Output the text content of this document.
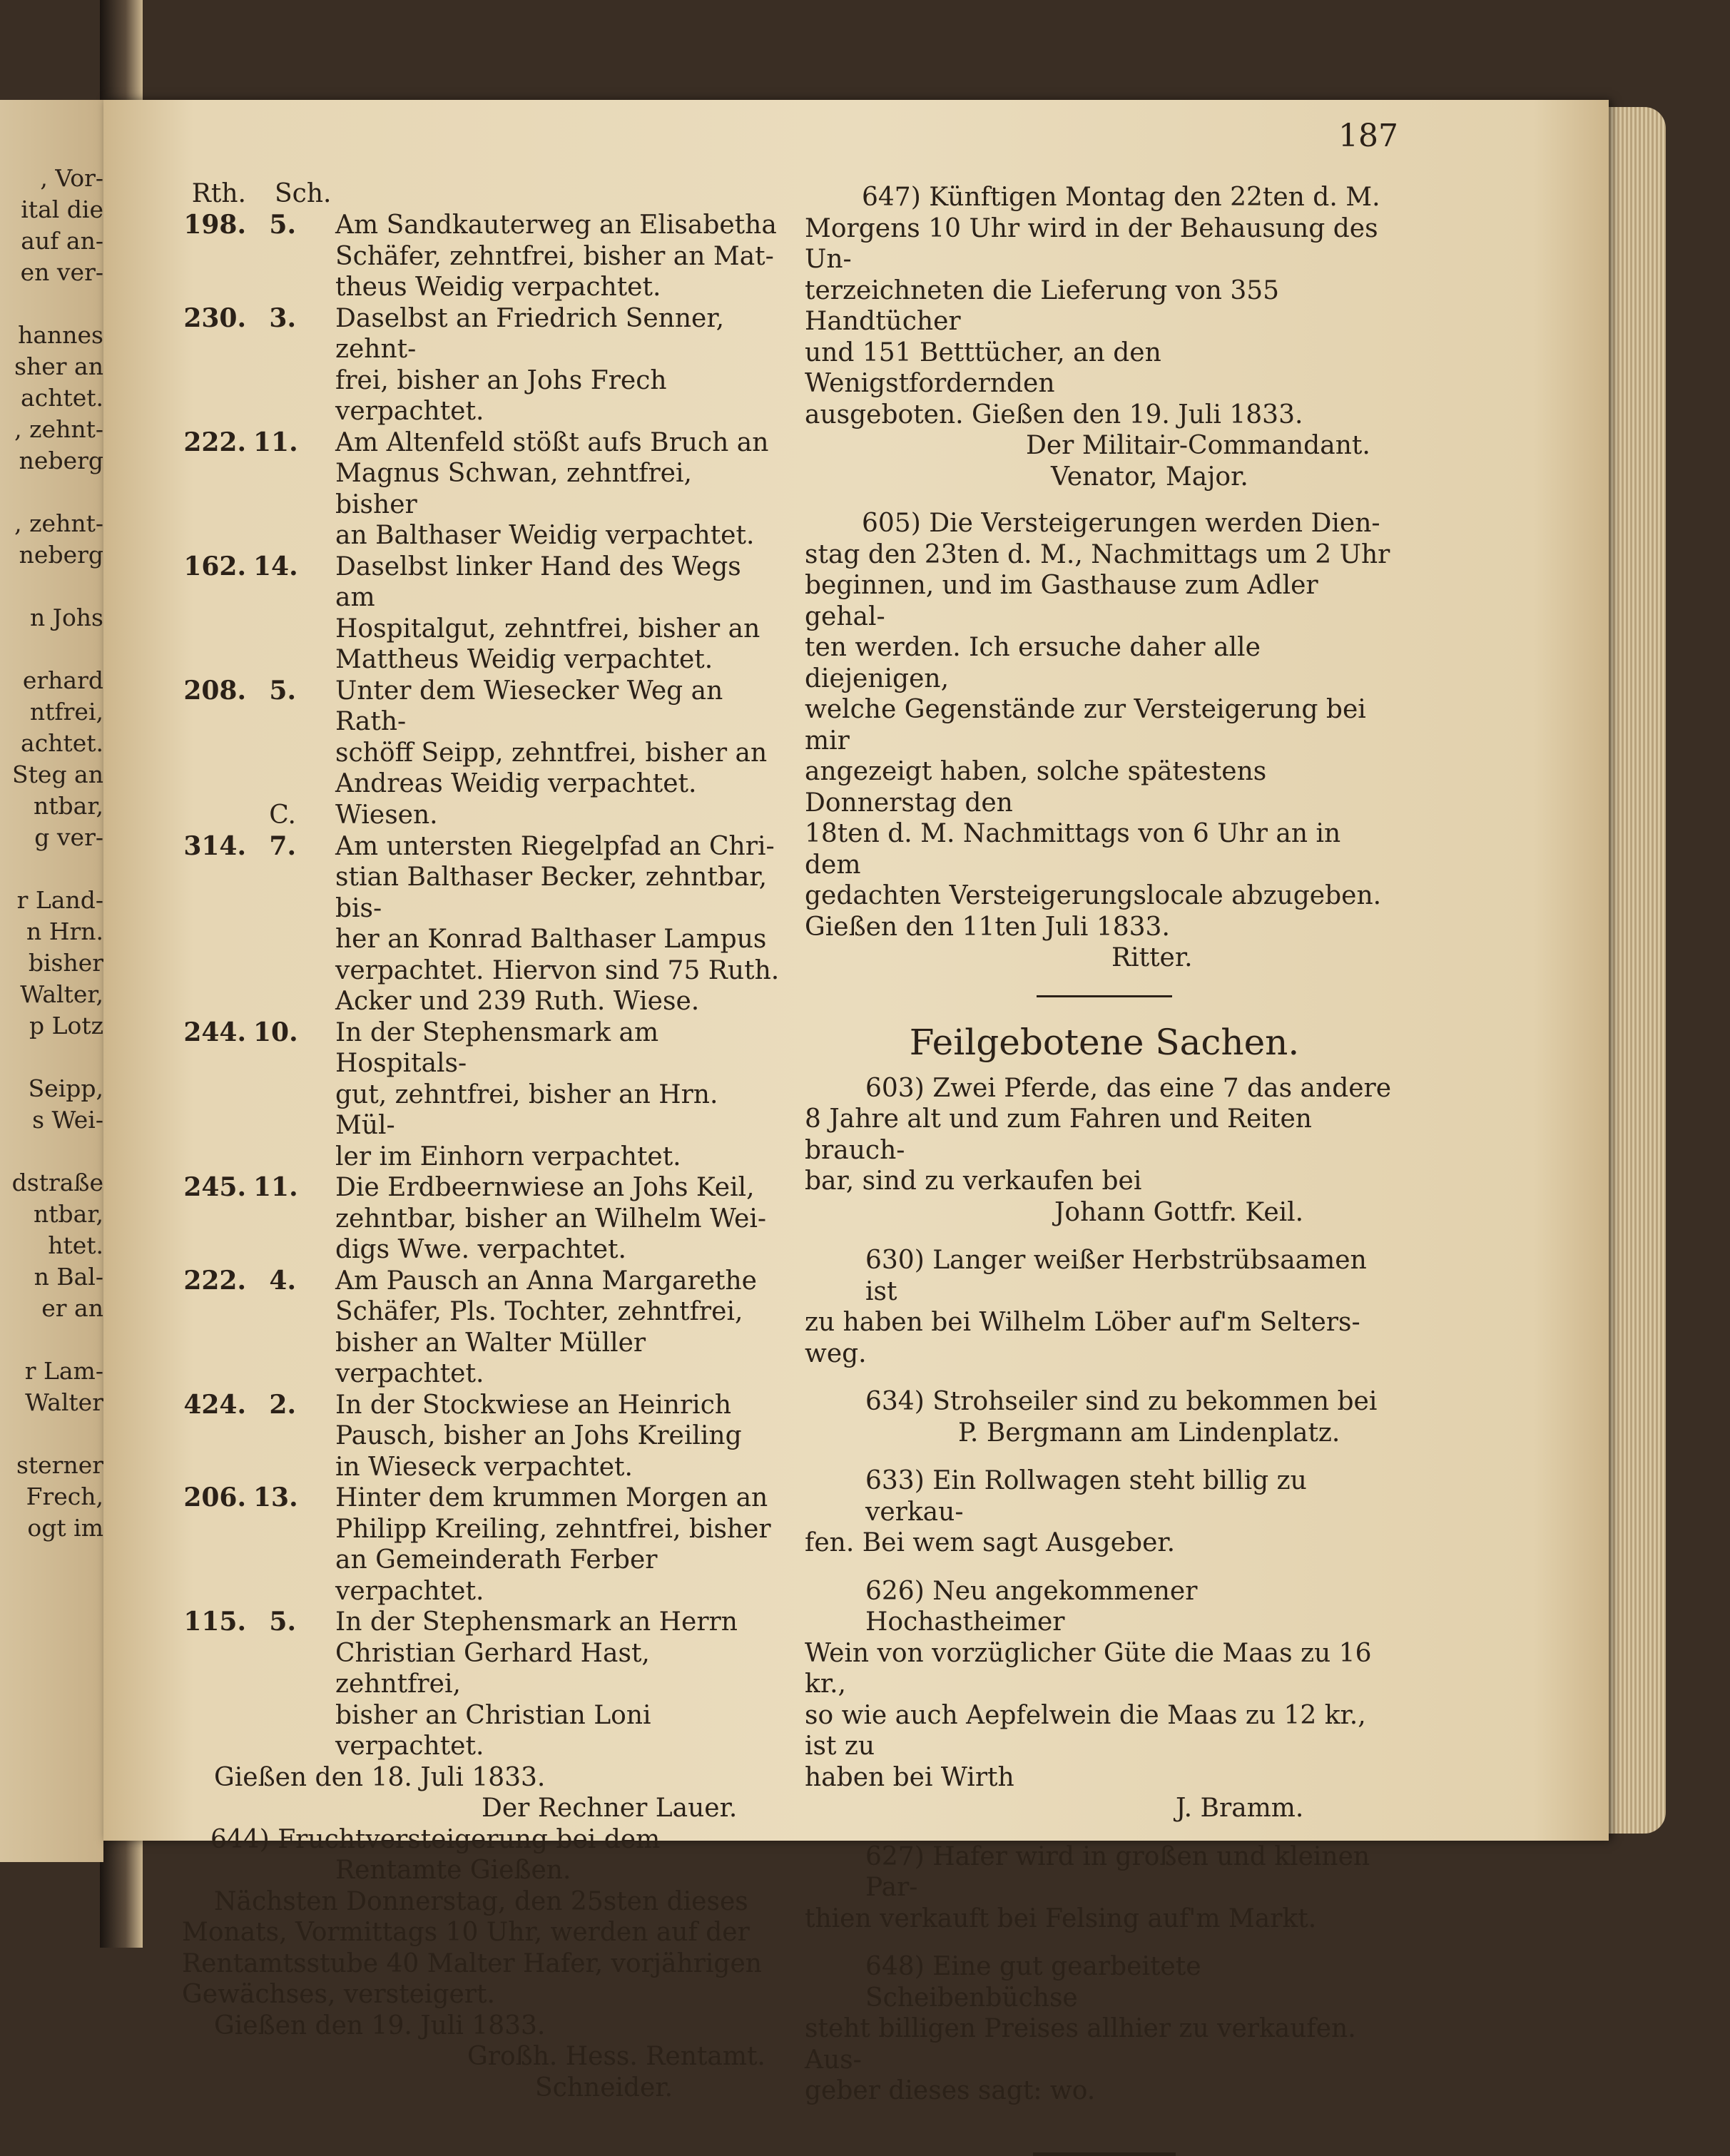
187
, Vor-
ital die
auf an-
en ver-
hannes
sher an
achtet.
, zehnt-
neberg
, zehnt-
neberg
n Johs
erhard
ntfrei,
achtet.
Steg an
ntbar,
g ver-
r Land-
n Hrn.
bisher
Walter,
p Lotz
Seipp,
s Wei-
dstraße
ntbar,
htet.
n Bal-
er an
r Lam-
Walter
sterner
Frech,
ogt im
Rth. Sch.
198. 5. Am Sandkauterweg an Elisabetha
Schäfer, zehntfrei, bisher an Mat-
theus Weidig verpachtet.
230. 3. Daselbst an Friedrich Senner, zehnt-
frei, bisher an Johs Frech verpachtet.
222. 11. Am Altenfeld stößt aufs Bruch an
Magnus Schwan, zehntfrei, bisher
an Balthaser Weidig verpachtet.
162. 14. Daselbst linker Hand des Wegs am
Hospitalgut, zehntfrei, bisher an
Mattheus Weidig verpachtet.
208. 5. Unter dem Wiesecker Weg an Rath-
schöff Seipp, zehntfrei, bisher an
Andreas Weidig verpachtet.
C. Wiesen.
314. 7. Am untersten Riegelpfad an Chri-
stian Balthaser Becker, zehntbar, bis-
her an Konrad Balthaser Lampus
verpachtet. Hiervon sind 75 Ruth.
Acker und 239 Ruth. Wiese.
244. 10. In der Stephensmark am Hospitals-
gut, zehntfrei, bisher an Hrn. Mül-
ler im Einhorn verpachtet.
245. 11. Die Erdbeernwiese an Johs Keil,
zehntbar, bisher an Wilhelm Wei-
digs Wwe. verpachtet.
222. 4. Am Pausch an Anna Margarethe
Schäfer, Pls. Tochter, zehntfrei,
bisher an Walter Müller verpachtet.
424. 2. In der Stockwiese an Heinrich
Pausch, bisher an Johs Kreiling
in Wieseck verpachtet.
206. 13. Hinter dem krummen Morgen an
Philipp Kreiling, zehntfrei, bisher
an Gemeinderath Ferber verpachtet.
115. 5. In der Stephensmark an Herrn
Christian Gerhard Hast, zehntfrei,
bisher an Christian Loni verpachtet.
Gießen den 18. Juli 1833.
Der Rechner Lauer.
644) Fruchtversteigerung bei dem
Rentamte Gießen.
Nächsten Donnerstag, den 25sten dieses
Monats, Vormittags 10 Uhr, werden auf der
Rentamtsstube 40 Malter Hafer, vorjährigen
Gewächses, versteigert.
Gießen den 19. Juli 1833.
Großh. Hess. Rentamt.
Schneider.
647) Künftigen Montag den 22ten d. M.
Morgens 10 Uhr wird in der Behausung des Un-
terzeichneten die Lieferung von 355 Handtücher
und 151 Betttücher, an den Wenigstfordernden
ausgeboten. Gießen den 19. Juli 1833.
Der Militair-Commandant.
Venator, Major.
605) Die Versteigerungen werden Dien-
stag den 23ten d. M., Nachmittags um 2 Uhr
beginnen, und im Gasthause zum Adler gehal-
ten werden. Ich ersuche daher alle diejenigen,
welche Gegenstände zur Versteigerung bei mir
angezeigt haben, solche spätestens Donnerstag den
18ten d. M. Nachmittags von 6 Uhr an in dem
gedachten Versteigerungslocale abzugeben.
Gießen den 11ten Juli 1833.
Ritter.
Feilgebotene Sachen.
603) Zwei Pferde, das eine 7 das andere
8 Jahre alt und zum Fahren und Reiten brauch-
bar, sind zu verkaufen bei
Johann Gottfr. Keil.
630) Langer weißer Herbstrübsaamen ist
zu haben bei Wilhelm Löber auf'm Selters-
weg.
634) Strohseiler sind zu bekommen bei
P. Bergmann am Lindenplatz.
633) Ein Rollwagen steht billig zu verkau-
fen. Bei wem sagt Ausgeber.
626) Neu angekommener Hochastheimer
Wein von vorzüglicher Güte die Maas zu 16 kr.,
so wie auch Aepfelwein die Maas zu 12 kr., ist zu
haben bei Wirth
J. Bramm.
627) Hafer wird in großen und kleinen Par-
thien verkauft bei Felsing auf'm Markt.
648) Eine gut gearbeitete Scheibenbüchse
steht billigen Preises allhier zu verkaufen. Aus-
geber dieses sagt: wo.
